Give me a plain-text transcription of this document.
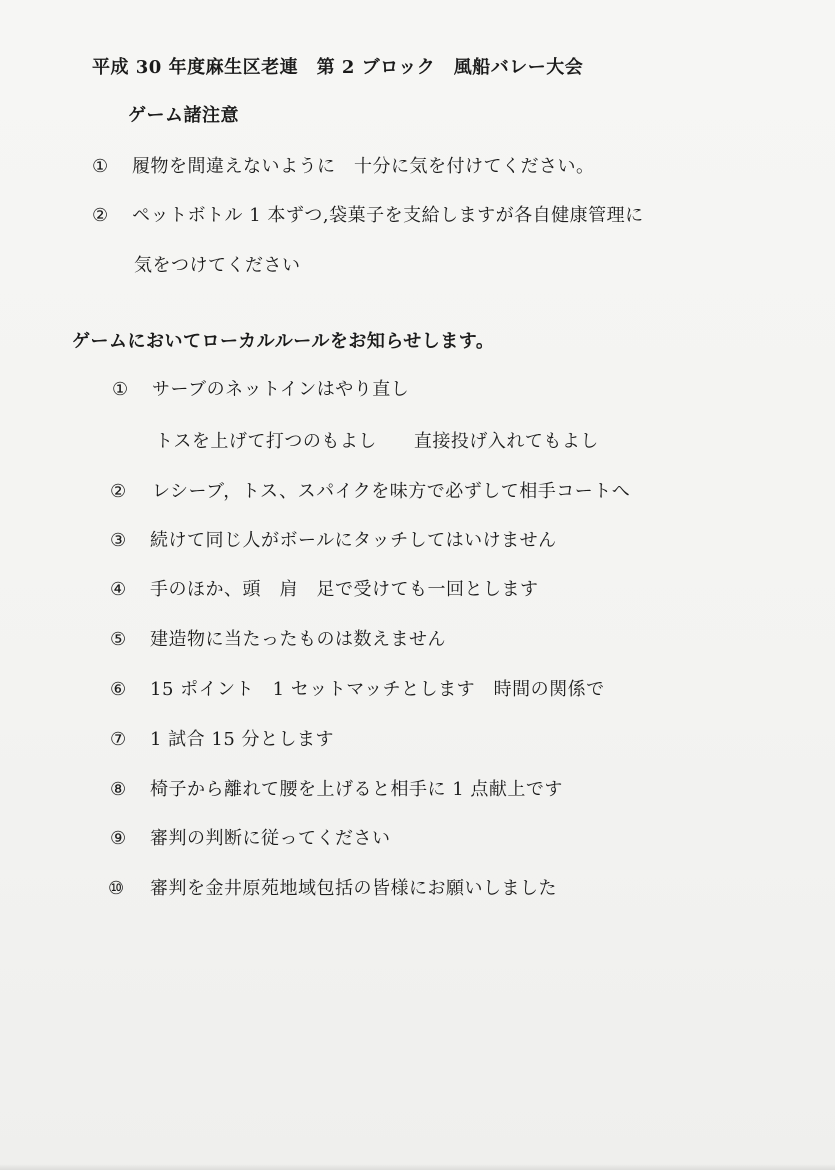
平成 30 年度麻生区老連　第 2 ブロック　風船バレー大会
ゲーム諸注意
① 履物を間違えないように　十分に気を付けてください。
② ペットボトル 1 本ずつ,袋菓子を支給しますが各自健康管理に
気をつけてください
ゲームにおいてローカルルールをお知らせします。
① サーブのネットインはやり直し
トスを上げて打つのもよし　　直接投げ入れてもよし
② レシーブ，トス、スパイクを味方で必ずして相手コートへ
③ 続けて同じ人がボールにタッチしてはいけません
④ 手のほか、頭　肩　足で受けても一回とします
⑤ 建造物に当たったものは数えません
⑥ 15 ポイント　1 セットマッチとします　時間の関係で
⑦ 1 試合 15 分とします
⑧ 椅子から離れて腰を上げると相手に 1 点献上です
⑨ 審判の判断に従ってください
⑩ 審判を金井原苑地域包括の皆様にお願いしました
